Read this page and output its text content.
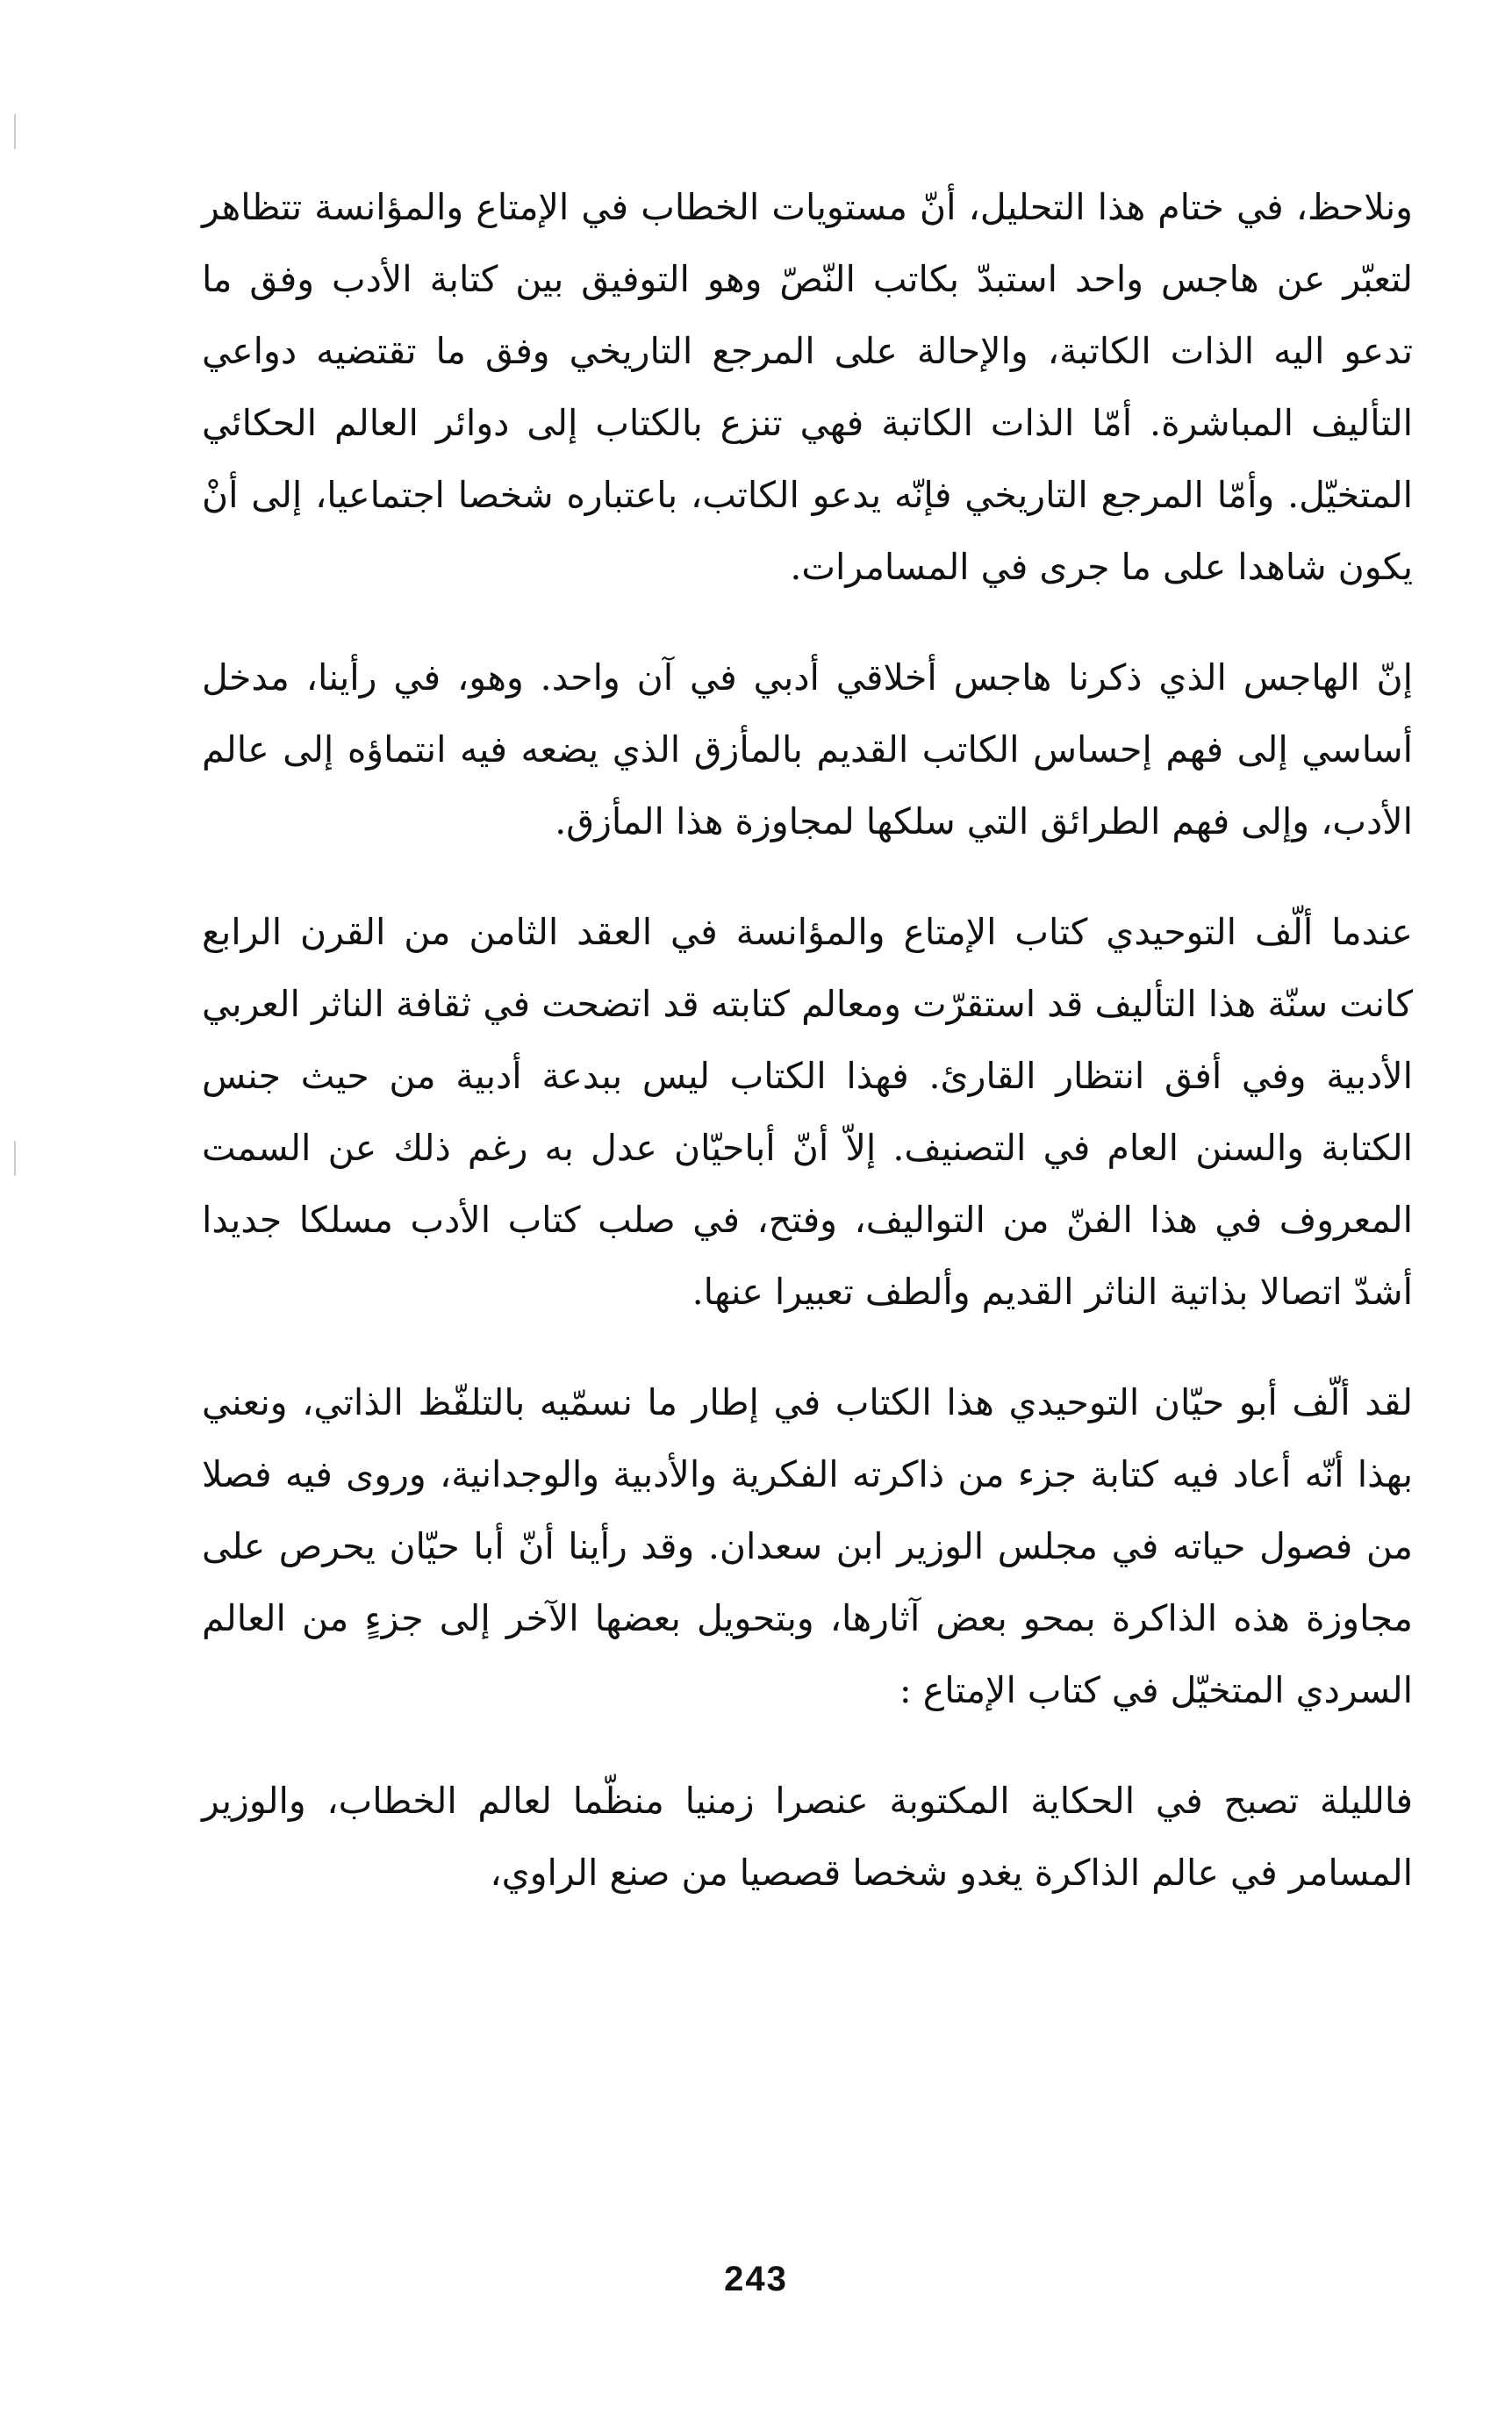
ونلاحظ، في ختام هذا التحليل، أنّ مستويات الخطاب في الإمتاع والمؤانسة تتظاهر لتعبّر عن هاجس واحد استبدّ بكاتب النّصّ وهو التوفيق بين كتابة الأدب وفق ما تدعو اليه الذات الكاتبة، والإحالة على المرجع التاريخي وفق ما تقتضيه دواعي التأليف المباشرة. أمّا الذات الكاتبة فهي تنزع بالكتاب إلى دوائر العالم الحكائي المتخيّل. وأمّا المرجع التاريخي فإنّه يدعو الكاتب، باعتباره شخصا اجتماعيا، إلى أنْ يكون شاهدا على ما جرى في المسامرات.

إنّ الهاجس الذي ذكرنا هاجس أخلاقي أدبي في آن واحد. وهو، في رأينا، مدخل أساسي إلى فهم إحساس الكاتب القديم بالمأزق الذي يضعه فيه انتماؤه إلى عالم الأدب، وإلى فهم الطرائق التي سلكها لمجاوزة هذا المأزق.

عندما ألّف التوحيدي كتاب الإمتاع والمؤانسة في العقد الثامن من القرن الرابع كانت سنّة هذا التأليف قد استقرّت ومعالم كتابته قد اتضحت في ثقافة الناثر العربي الأدبية وفي أفق انتظار القارئ. فهذا الكتاب ليس ببدعة أدبية من حيث جنس الكتابة والسنن العام في التصنيف. إلاّ أنّ أباحيّان عدل به رغم ذلك عن السمت المعروف في هذا الفنّ من التواليف، وفتح، في صلب كتاب الأدب مسلكا جديدا أشدّ اتصالا بذاتية الناثر القديم وألطف تعبيرا عنها.

لقد ألّف أبو حيّان التوحيدي هذا الكتاب في إطار ما نسمّيه بالتلفّظ الذاتي، ونعني بهذا أنّه أعاد فيه كتابة جزء من ذاكرته الفكرية والأدبية والوجدانية، وروى فيه فصلا من فصول حياته في مجلس الوزير ابن سعدان. وقد رأينا أنّ أبا حيّان يحرص على مجاوزة هذه الذاكرة بمحو بعض آثارها، وبتحويل بعضها الآخر إلى جزءٍ من العالم السردي المتخيّل في كتاب الإمتاع :

فالليلة تصبح في الحكاية المكتوبة عنصرا زمنيا منظّما لعالم الخطاب، والوزير المسامر في عالم الذاكرة يغدو شخصا قصصيا من صنع الراوي،

243
